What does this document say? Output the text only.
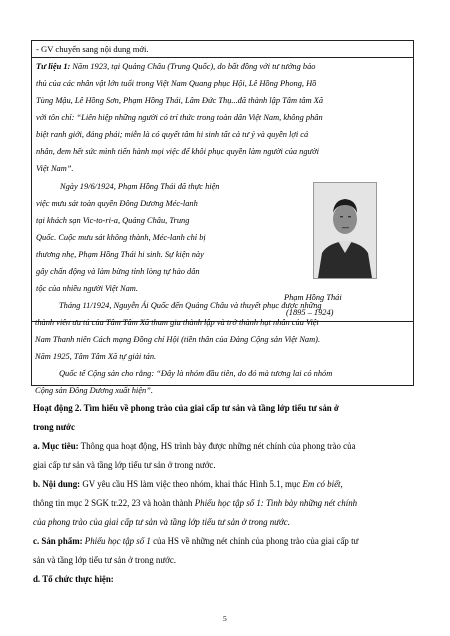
- GV chuyển sang nội dung mới.
Tư liệu 1: Năm 1923, tại Quảng Châu (Trung Quốc), do bất đồng với tư tưởng bảo
thủ của các nhân vật lớn tuổi trong Việt Nam Quang phục Hội, Lê Hồng Phong, Hồ
Tùng Mậu, Lê Hồng Sơn, Phạm Hồng Thái, Lâm Đức Thụ...đã thành lập Tâm tâm Xã
với tôn chỉ: “Liên hiệp những người có trí thức trong toàn dân Việt Nam, không phân
biệt ranh giới, đảng phái; miễn là có quyết tâm hi sinh tất cả tư ý và quyền lợi cá
nhân, đem hết sức mình tiến hành mọi việc để khôi phục quyền làm người của người
Việt Nam”.
Ngày 19/6/1924, Phạm Hồng Thái đã thực hiện
việc mưu sát toàn quyền Đông Dương Méc-lanh
tại khách sạn Vic-to-ri-a, Quảng Châu, Trung
Quốc. Cuộc mưu sát không thành, Méc-lanh chỉ bị
thương nhẹ, Phạm Hồng Thái hi sinh. Sự kiện này
gây chấn động và làm bừng tỉnh lòng tự hào dân
tộc của nhiều người Việt Nam.
Phạm Hồng Thái
(1895 – 1924)
Tháng 11/1924, Nguyễn Ái Quốc đến Quảng Châu và thuyết phục được những
thành viên ưu tú của Tâm Tâm Xã tham gia thành lập và trở thành hạt nhân của Việt
Nam Thanh niên Cách mạng Đồng chí Hội (tiền thân của Đảng Cộng sản Việt Nam).
Năm 1925, Tâm Tâm Xã tự giải tán.
Quốc tế Cộng sản cho rằng: “Đây là nhóm đầu tiên, do đó mà tương lai có nhóm
Cộng sản Đông Dương xuất hiện”.
Hoạt động 2. Tìm hiểu về phong trào của giai cấp tư sản và tầng lớp tiểu tư sản ở
trong nước
a. Mục tiêu: Thông qua hoạt động, HS trình bày được những nét chính của phong trào của
giai cấp tư sản và tầng lớp tiểu tư sản ở trong nước.
b. Nội dung: GV yêu cầu HS làm việc theo nhóm, khai thác Hình 5.1, mục Em có biết,
thông tin mục 2 SGK tr.22, 23 và hoàn thành Phiếu học tập số 1: Tình bày những nét chính
của phong trào của giai cấp tư sản và tầng lớp tiểu tư sản ở trong nước.
c. Sản phẩm: Phiếu học tập số 1 của HS về những nét chính của phong trào của giai cấp tư
sản và tầng lớp tiểu tư sản ở trong nước.
d. Tổ chức thực hiện:
5
